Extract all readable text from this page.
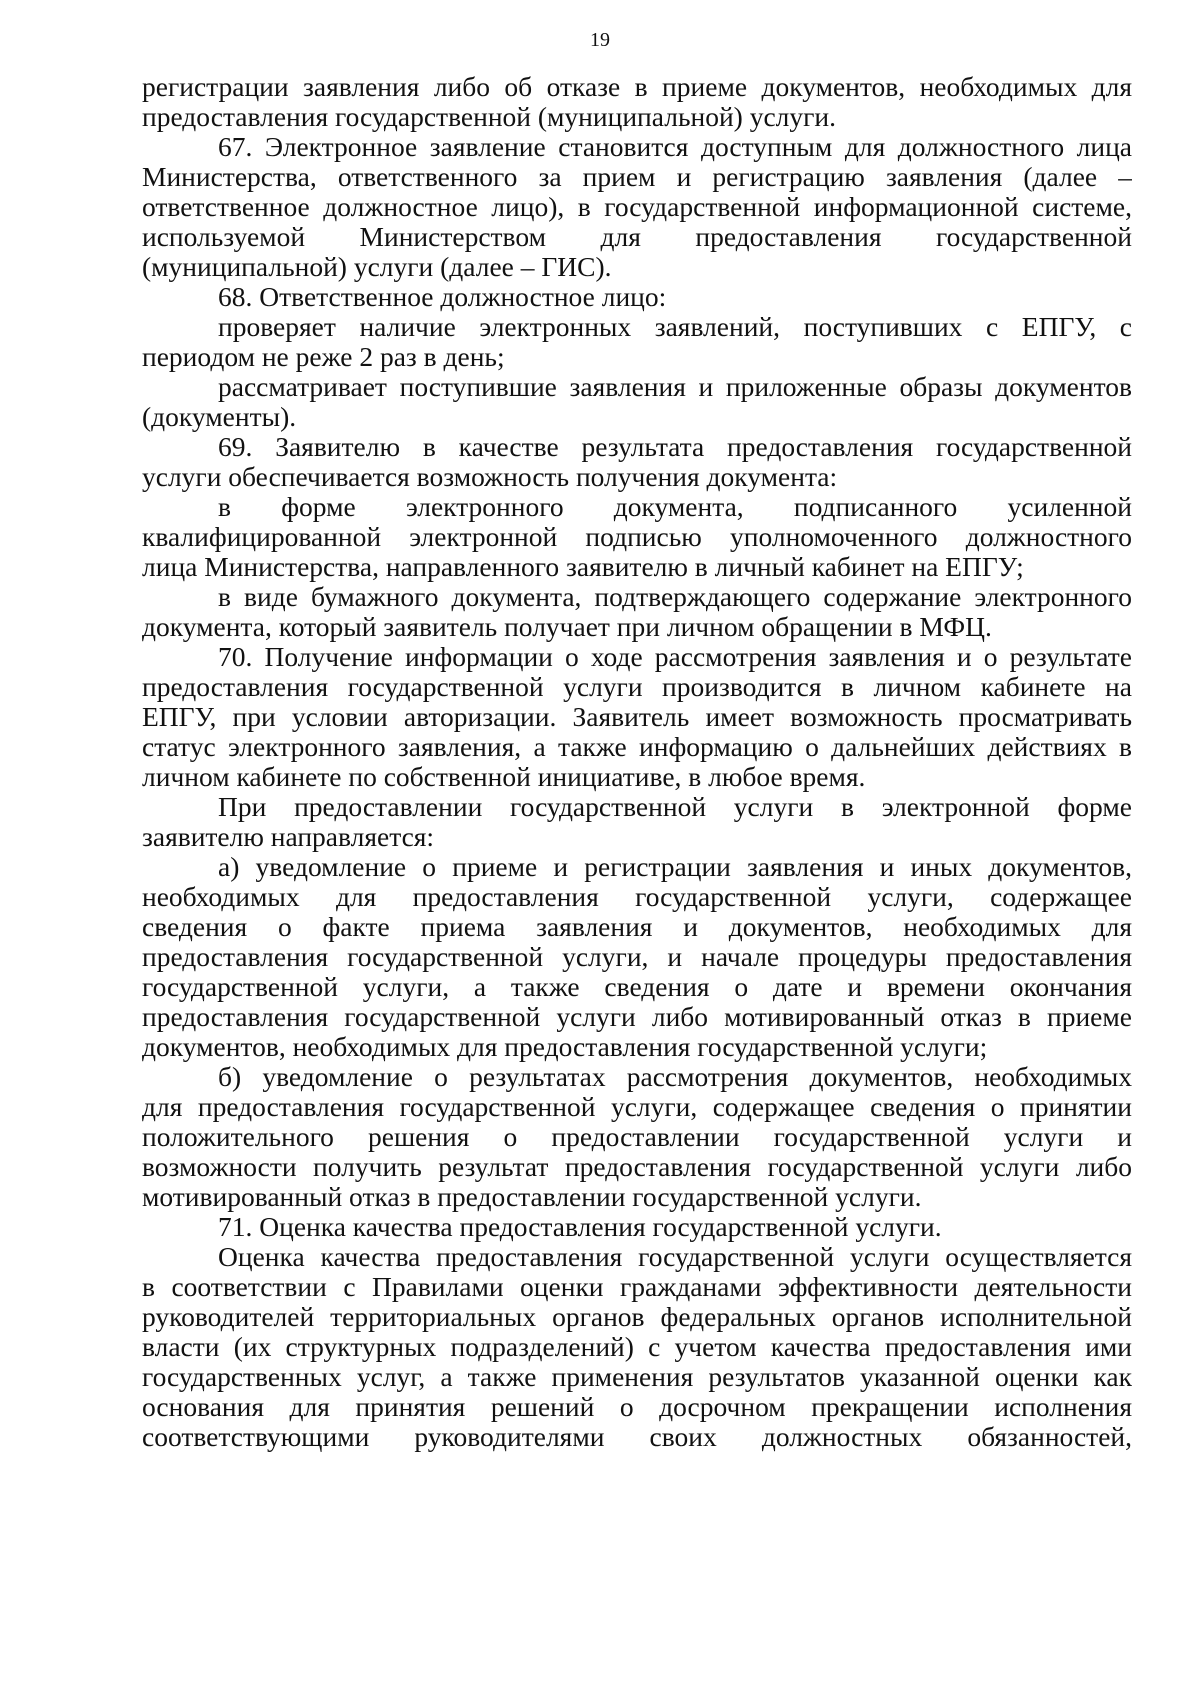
19
регистрации заявления либо об отказе в приеме документов, необходимых для
предоставления государственной (муниципальной) услуги.
67. Электронное заявление становится доступным для должностного лица
Министерства, ответственного за прием и регистрацию заявления (далее –
ответственное должностное лицо), в государственной информационной системе,
используемой Министерством для предоставления государственной
(муниципальной) услуги (далее – ГИС).
68. Ответственное должностное лицо:
проверяет наличие электронных заявлений, поступивших с ЕПГУ, с
периодом не реже 2 раз в день;
рассматривает поступившие заявления и приложенные образы документов
(документы).
69. Заявителю в качестве результата предоставления государственной
услуги обеспечивается возможность получения документа:
в форме электронного документа, подписанного усиленной
квалифицированной электронной подписью уполномоченного должностного
лица Министерства, направленного заявителю в личный кабинет на ЕПГУ;
в виде бумажного документа, подтверждающего содержание электронного
документа, который заявитель получает при личном обращении в МФЦ.
70. Получение информации о ходе рассмотрения заявления и о результате
предоставления государственной услуги производится в личном кабинете на
ЕПГУ, при условии авторизации. Заявитель имеет возможность просматривать
статус электронного заявления, а также информацию о дальнейших действиях в
личном кабинете по собственной инициативе, в любое время.
При предоставлении государственной услуги в электронной форме
заявителю направляется:
а) уведомление о приеме и регистрации заявления и иных документов,
необходимых для предоставления государственной услуги, содержащее
сведения о факте приема заявления и документов, необходимых для
предоставления государственной услуги, и начале процедуры предоставления
государственной услуги, а также сведения о дате и времени окончания
предоставления государственной услуги либо мотивированный отказ в приеме
документов, необходимых для предоставления государственной услуги;
б) уведомление о результатах рассмотрения документов, необходимых
для предоставления государственной услуги, содержащее сведения о принятии
положительного решения о предоставлении государственной услуги и
возможности получить результат предоставления государственной услуги либо
мотивированный отказ в предоставлении государственной услуги.
71. Оценка качества предоставления государственной услуги.
Оценка качества предоставления государственной услуги осуществляется
в соответствии с Правилами оценки гражданами эффективности деятельности
руководителей территориальных органов федеральных органов исполнительной
власти (их структурных подразделений) с учетом качества предоставления ими
государственных услуг, а также применения результатов указанной оценки как
основания для принятия решений о досрочном прекращении исполнения
соответствующими руководителями своих должностных обязанностей,
